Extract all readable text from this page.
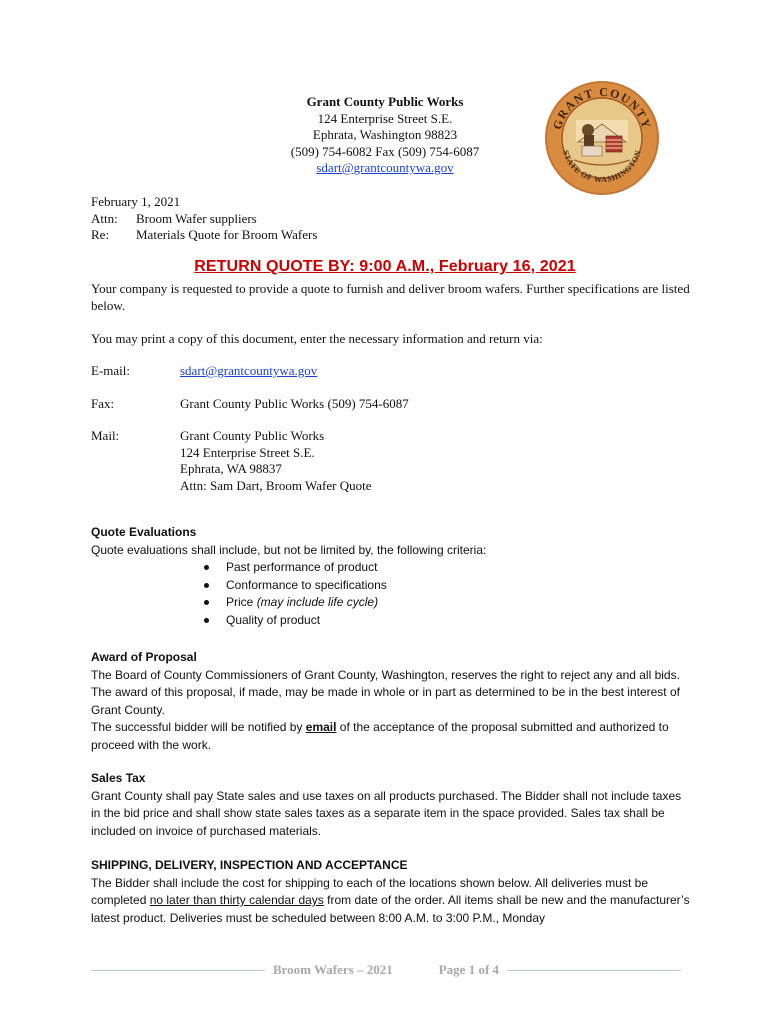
Grant County Public Works
124 Enterprise Street S.E.
Ephrata, Washington 98823
(509) 754-6082 Fax (509) 754-6087
sdart@grantcountywa.gov
GRANT COUNTY
STATE OF WASHINGTON
February 1, 2021
Attn:	Broom Wafer suppliers
Re:	Materials Quote for Broom Wafers
RETURN QUOTE BY: 9:00 A.M., February 16, 2021
Your company is requested to provide a quote to furnish and deliver broom wafers. Further specifications are listed below.
You may print a copy of this document, enter the necessary information and return via:
E-mail:	sdart@grantcountywa.gov
Fax:	Grant County Public Works (509) 754-6087
Mail:	Grant County Public Works
124 Enterprise Street S.E.
Ephrata, WA 98837
Attn: Sam Dart, Broom Wafer Quote
Quote Evaluations

Quote evaluations shall include, but not be limited by, the following criteria:

Past performance of product
Conformance to specifications
Price (may include life cycle)
Quality of product
Award of Proposal

The Board of County Commissioners of Grant County, Washington, reserves the right to reject any and all bids. The award of this proposal, if made, may be made in whole or in part as determined to be in the best interest of Grant County.

The successful bidder will be notified by email of the acceptance of the proposal submitted and authorized to proceed with the work.

Sales Tax

Grant County shall pay State sales and use taxes on all products purchased. The Bidder shall not include taxes in the bid price and shall show state sales taxes as a separate item in the space provided. Sales tax shall be included on invoice of purchased materials.

SHIPPING, DELIVERY, INSPECTION AND ACCEPTANCE

The Bidder shall include the cost for shipping to each of the locations shown below. All deliveries must be completed no later than thirty calendar days from date of the order. All items shall be new and the manufacturer’s latest product. Deliveries must be scheduled between 8:00 A.M. to 3:00 P.M., Monday

Broom Wafers – 2021	Page 1 of 4
